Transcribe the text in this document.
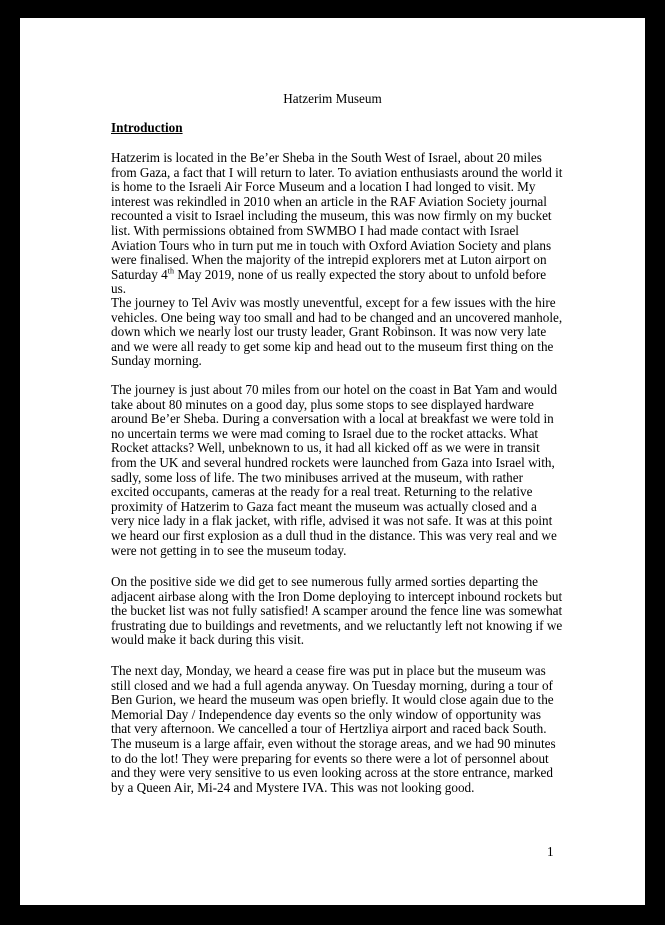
Hatzerim Museum
Introduction

Hatzerim is located in the Be’er Sheba in the South West of Israel, about 20 miles from Gaza, a fact that I will return to later. To aviation enthusiasts around the world it is home to the Israeli Air Force Museum and a location I had longed to visit. My interest was rekindled in 2010 when an article in the RAF Aviation Society journal recounted a visit to Israel including the museum, this was now firmly on my bucket list. With permissions obtained from SWMBO I had made contact with Israel Aviation Tours who in turn put me in touch with Oxford Aviation Society and plans were finalised. When the majority of the intrepid explorers met at Luton airport on Saturday 4th May 2019, none of us really expected the story about to unfold before us.

The journey to Tel Aviv was mostly uneventful, except for a few issues with the hire vehicles. One being way too small and had to be changed and an uncovered manhole, down which we nearly lost our trusty leader, Grant Robinson. It was now very late and we were all ready to get some kip and head out to the museum first thing on the Sunday morning.

The journey is just about 70 miles from our hotel on the coast in Bat Yam and would take about 80 minutes on a good day, plus some stops to see displayed hardware around Be’er Sheba. During a conversation with a local at breakfast we were told in no uncertain terms we were mad coming to Israel due to the rocket attacks. What Rocket attacks? Well, unbeknown to us, it had all kicked off as we were in transit from the UK and several hundred rockets were launched from Gaza into Israel with, sadly, some loss of life. The two minibuses arrived at the museum, with rather excited occupants, cameras at the ready for a real treat. Returning to the relative proximity of Hatzerim to Gaza fact meant the museum was actually closed and a very nice lady in a flak jacket, with rifle, advised it was not safe. It was at this point we heard our first explosion as a dull thud in the distance. This was very real and we were not getting in to see the museum today.

On the positive side we did get to see numerous fully armed sorties departing the adjacent airbase along with the Iron Dome deploying to intercept inbound rockets but the bucket list was not fully satisfied! A scamper around the fence line was somewhat frustrating due to buildings and revetments, and we reluctantly left not knowing if we would make it back during this visit.

The next day, Monday, we heard a cease fire was put in place but the museum was still closed and we had a full agenda anyway. On Tuesday morning, during a tour of Ben Gurion, we heard the museum was open briefly. It would close again due to the Memorial Day / Independence day events so the only window of opportunity was that very afternoon. We cancelled a tour of Hertzliya airport and raced back South. The museum is a large affair, even without the storage areas, and we had 90 minutes to do the lot! They were preparing for events so there were a lot of personnel about and they were very sensitive to us even looking across at the store entrance, marked by a Queen Air, Mi-24 and Mystere IVA. This was not looking good.

1
